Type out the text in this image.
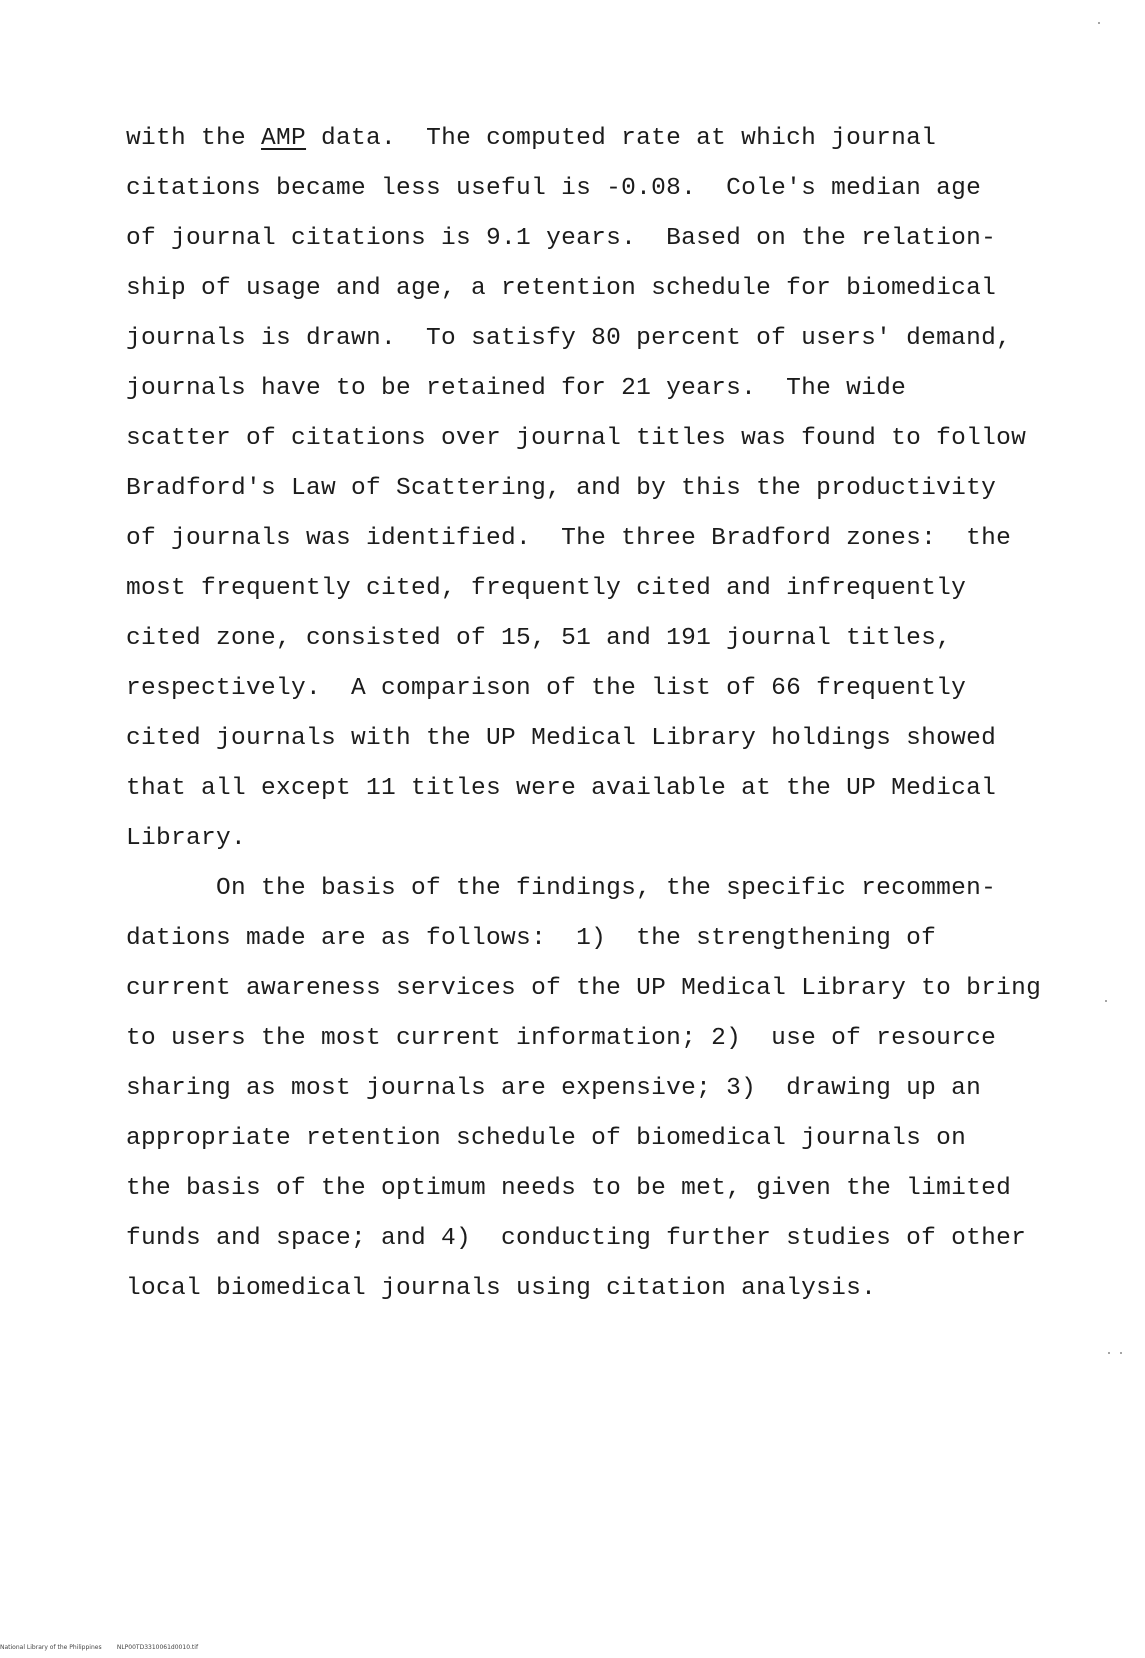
with the AMP data.  The computed rate at which journal
citations became less useful is -0.08.  Cole's median age
of journal citations is 9.1 years.  Based on the relation-
ship of usage and age, a retention schedule for biomedical
journals is drawn.  To satisfy 80 percent of users' demand,
journals have to be retained for 21 years.  The wide
scatter of citations over journal titles was found to follow
Bradford's Law of Scattering, and by this the productivity
of journals was identified.  The three Bradford zones:  the
most frequently cited, frequently cited and infrequently
cited zone, consisted of 15, 51 and 191 journal titles,
respectively.  A comparison of the list of 66 frequently
cited journals with the UP Medical Library holdings showed
that all except 11 titles were available at the UP Medical
Library.
On the basis of the findings, the specific recommen-
dations made are as follows:  1)  the strengthening of
current awareness services of the UP Medical Library to bring
to users the most current information; 2)  use of resource
sharing as most journals are expensive; 3)  drawing up an
appropriate retention schedule of biomedical journals on
the basis of the optimum needs to be met, given the limited
funds and space; and 4)  conducting further studies of other
local biomedical journals using citation analysis.
National Library of the Philippines	NLP00TD3310061d0010.tif
